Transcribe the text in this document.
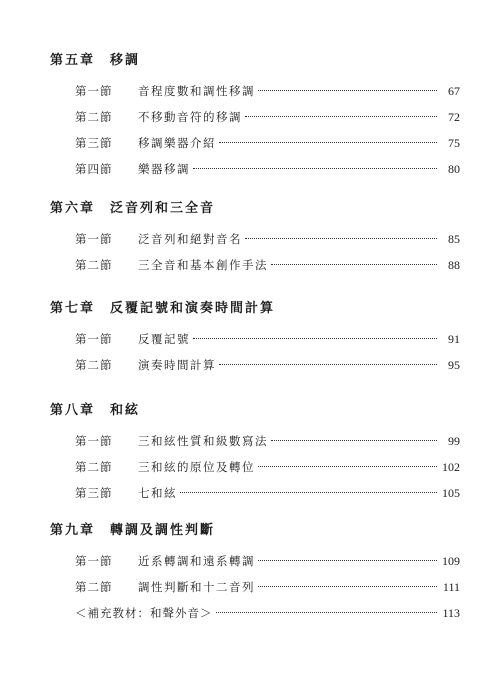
第五章　移調
第一節	音程度數和調性移調	67
第二節	不移動音符的移調	72
第三節	移調樂器介紹	75
第四節	樂器移調	80
第六章　泛音列和三全音
第一節	泛音列和絕對音名	85
第二節	三全音和基本創作手法	88
第七章　反覆記號和演奏時間計算
第一節	反覆記號	91
第二節	演奏時間計算	95
第八章　和絃
第一節	三和絃性質和級數寫法	99
第二節	三和絃的原位及轉位	102
第三節	七和絃	105
第九章　轉調及調性判斷
第一節	近系轉調和遠系轉調	109
第二節	調性判斷和十二音列	111
＜補充教材：和聲外音＞	113
